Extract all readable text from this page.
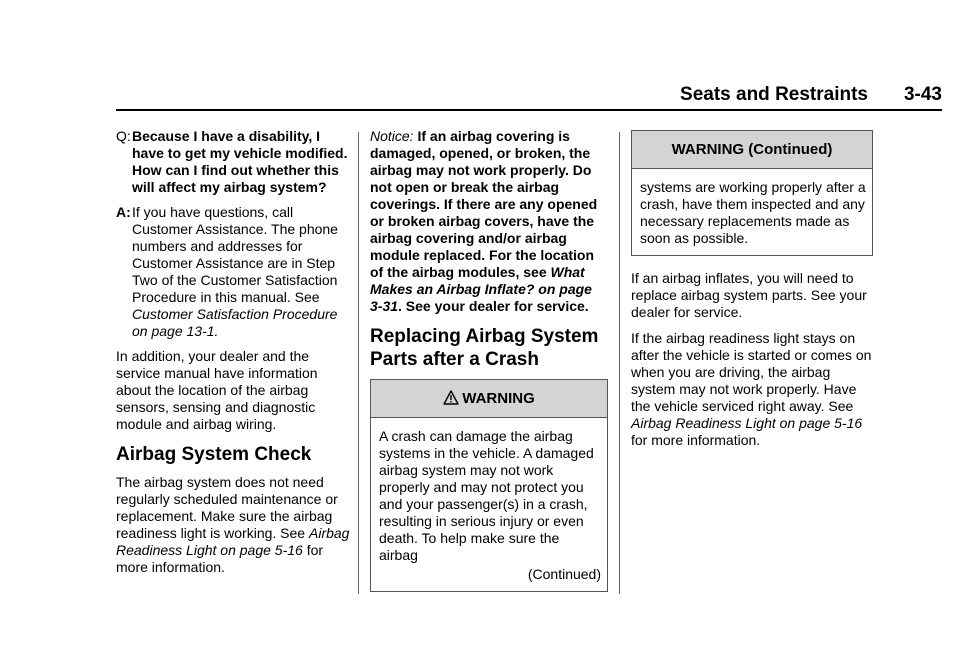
Seats and Restraints 3-43
Q: Because I have a disability, I have to get my vehicle modified. How can I find out whether this will affect my airbag system?
A: If you have questions, call Customer Assistance. The phone numbers and addresses for Customer Assistance are in Step Two of the Customer Satisfaction Procedure in this manual. See Customer Satisfaction Procedure on page 13-1.

In addition, your dealer and the service manual have information about the location of the airbag sensors, sensing and diagnostic module and airbag wiring.

Airbag System Check

The airbag system does not need regularly scheduled maintenance or replacement. Make sure the airbag readiness light is working. See Airbag Readiness Light on page 5-16 for more information.

Notice: If an airbag covering is damaged, opened, or broken, the airbag may not work properly. Do not open or break the airbag coverings. If there are any opened or broken airbag covers, have the airbag covering and/or airbag module replaced. For the location of the airbag modules, see What Makes an Airbag Inflate? on page 3-31. See your dealer for service.

Replacing Airbag System Parts after a Crash
WARNING
A crash can damage the airbag systems in the vehicle. A damaged airbag system may not work properly and may not protect you and your passenger(s) in a crash, resulting in serious injury or even death. To help make sure the airbag
(Continued)
WARNING (Continued)
systems are working properly after a crash, have them inspected and any necessary replacements made as soon as possible.

If an airbag inflates, you will need to replace airbag system parts. See your dealer for service.

If the airbag readiness light stays on after the vehicle is started or comes on when you are driving, the airbag system may not work properly. Have the vehicle serviced right away. See Airbag Readiness Light on page 5-16 for more information.
